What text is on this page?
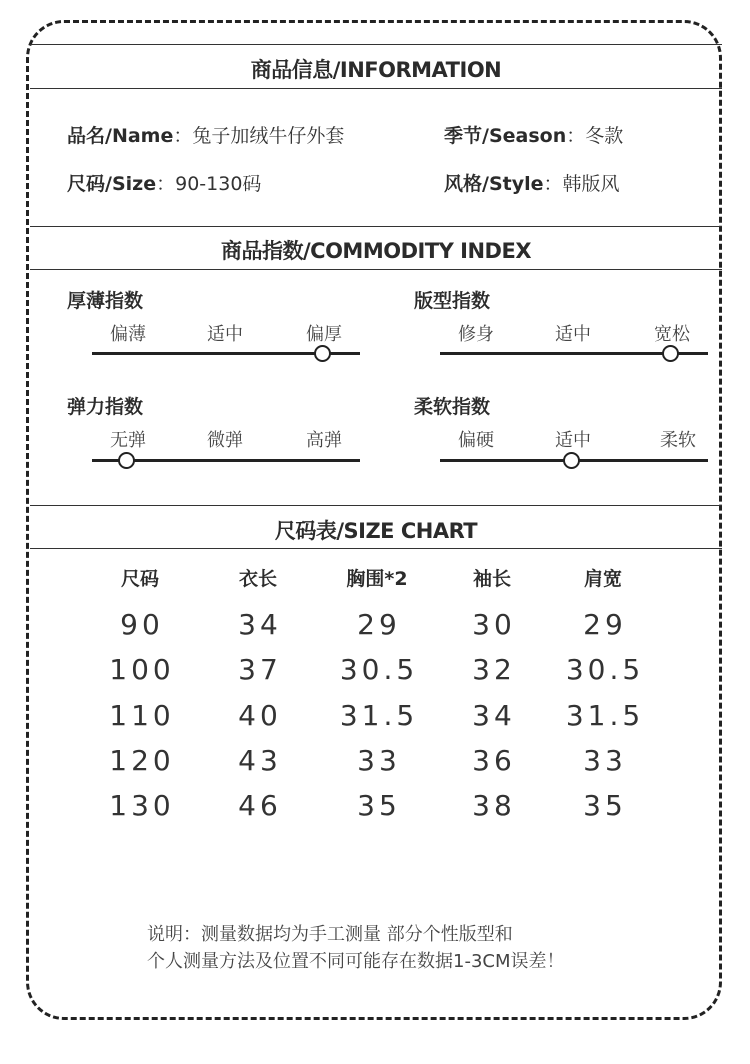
商品信息/INFORMATION
品名/Name：兔子加绒牛仔外套	季节/Season：冬款
尺码/Size：90-130码	风格/Style：韩版风
商品指数/COMMODITY INDEX
厚薄指数
偏薄	适中	偏厚
版型指数
修身	适中	宽松
弹力指数
无弹	微弹	高弹
柔软指数
偏硬	适中	柔软
尺码表/SIZE CHART
尺码	衣长	胸围*2	袖长	肩宽
90	34	29	30 29
100 37 30.5 32 30.5
110 40 31.5 34 31.5
120 43	33	36 33
130 46	35	38 35
说明：测量数据均为手工测量 部分个性版型和
个人测量方法及位置不同可能存在数据1-3CM误差！
